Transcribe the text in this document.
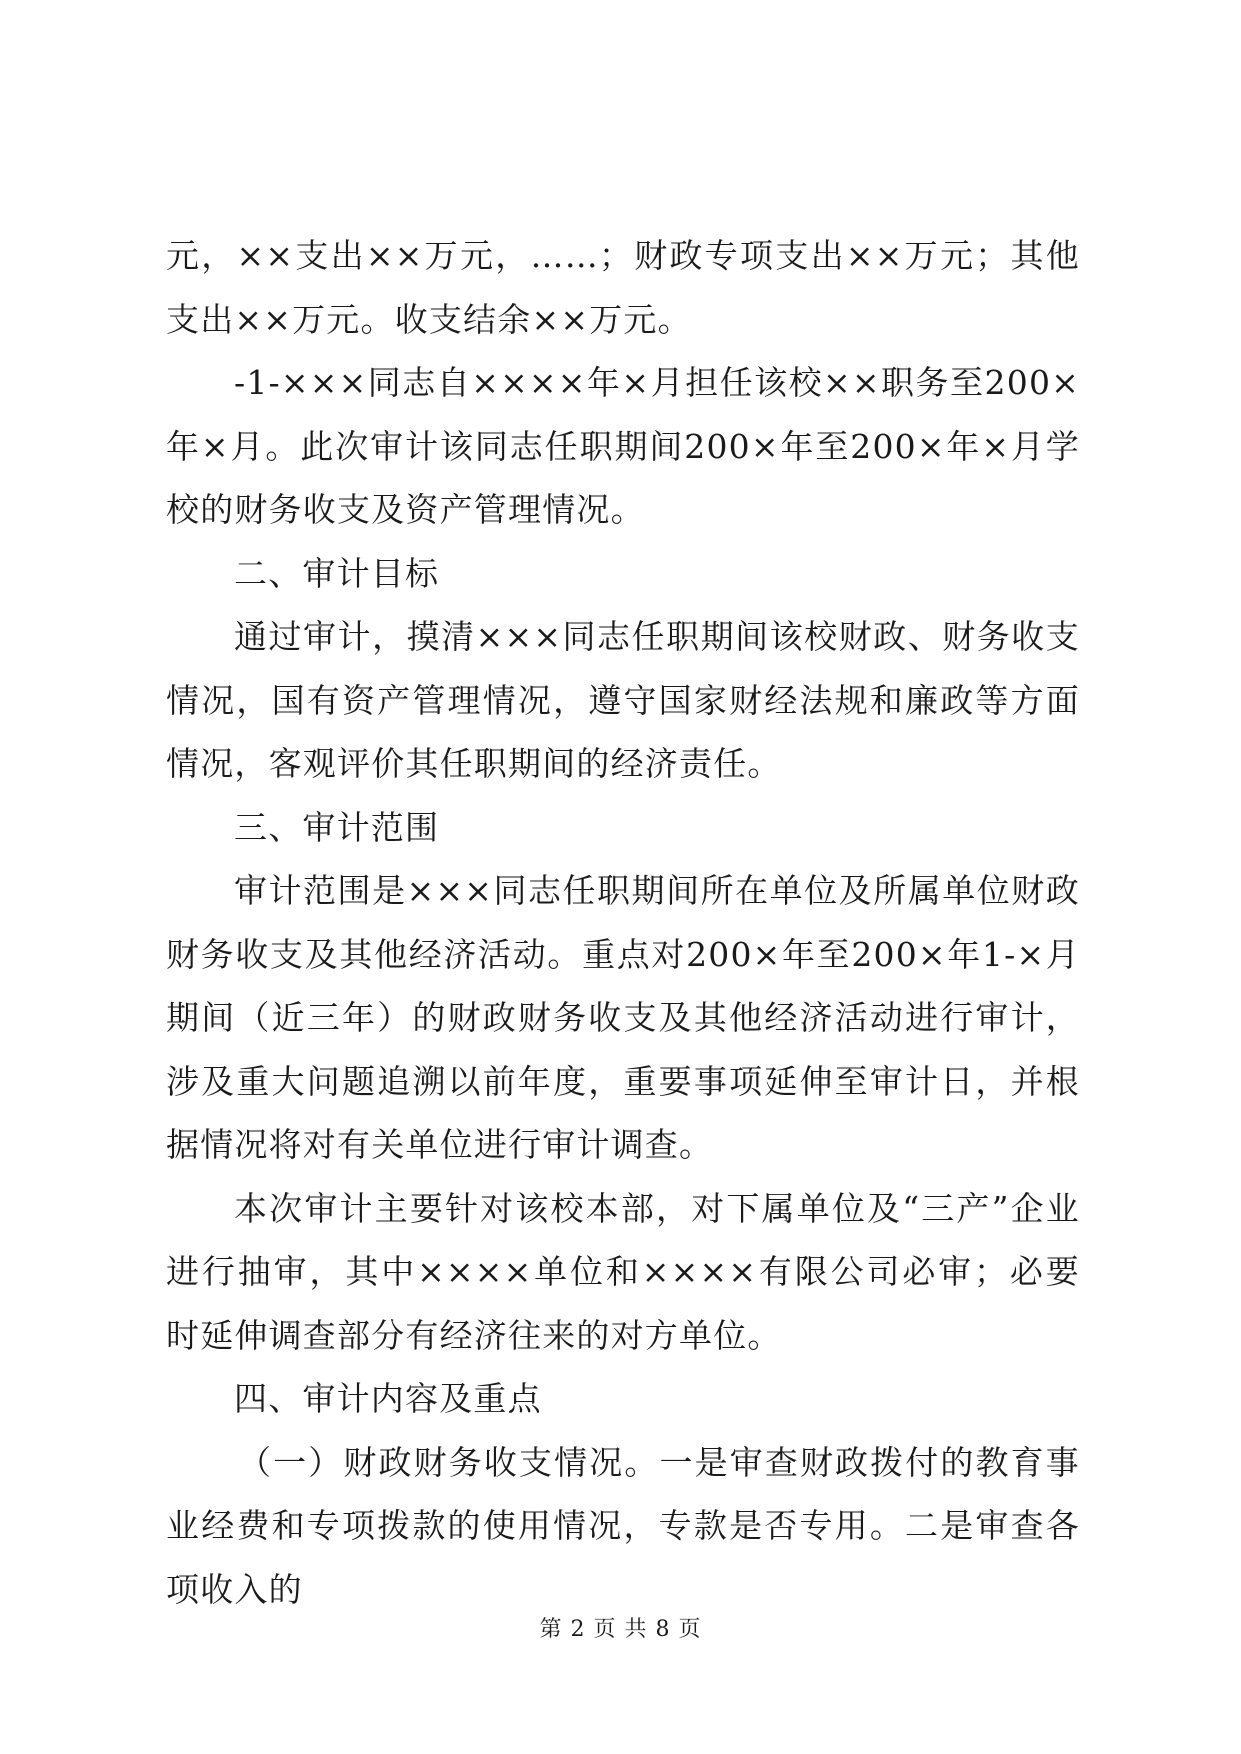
元，××支出××万元，……；财政专项支出××万元；其他支出××万元。收支结余××万元。

-1-×××同志自××××年×月担任该校××职务至200×年×月。此次审计该同志任职期间200×年至200×年×月学校的财务收支及资产管理情况。

二、审计目标

通过审计，摸清×××同志任职期间该校财政、财务收支情况，国有资产管理情况，遵守国家财经法规和廉政等方面情况，客观评价其任职期间的经济责任。

三、审计范围

审计范围是×××同志任职期间所在单位及所属单位财政财务收支及其他经济活动。重点对200×年至200×年1-×月期间（近三年）的财政财务收支及其他经济活动进行审计，涉及重大问题追溯以前年度，重要事项延伸至审计日，并根据情况将对有关单位进行审计调查。

本次审计主要针对该校本部，对下属单位及“三产”企业进行抽审，其中××××单位和××××有限公司必审；必要时延伸调查部分有经济往来的对方单位。

四、审计内容及重点

（一）财政财务收支情况。一是审查财政拨付的教育事业经费和专项拨款的使用情况，专款是否专用。二是审查各项收入的

第 2 页 共 8 页
